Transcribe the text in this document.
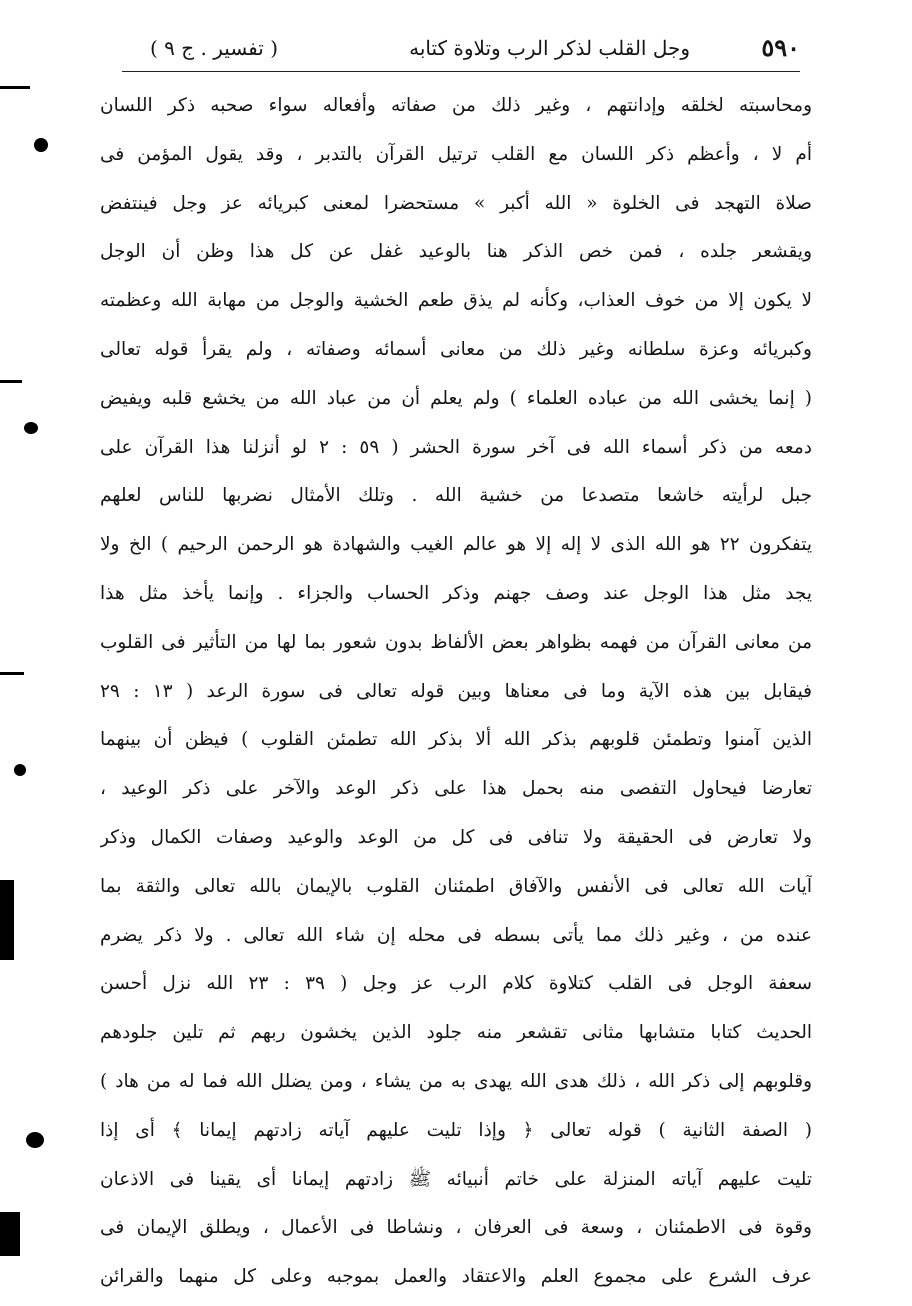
٥٩٠
وجل القلب لذكر الرب وتلاوة كتابه
( تفسير . ج ٩ )
ومحاسبته لخلقه وإدانتهم ، وغير ذلك من صفاته وأفعاله سواء صحبه ذكر اللسان
أم لا ، وأعظم ذكر اللسان مع القلب ترتيل القرآن بالتدبر ، وقد يقول المؤمن فى
صلاة التهجد فى الخلوة « الله أكبر » مستحضرا لمعنى كبريائه عز وجل فينتفض
ويقشعر جلده ، فمن خص الذكر هنا بالوعيد غفل عن كل هذا وظن أن الوجل
لا يكون إلا من خوف العذاب، وكأنه لم يذق طعم الخشية والوجل من مهابة الله وعظمته
وكبريائه وعزة سلطانه وغير ذلك من معانى أسمائه وصفاته ، ولم يقرأ قوله تعالى
( إنما يخشى الله من عباده العلماء ) ولم يعلم أن من عباد الله من يخشع قلبه ويفيض
دمعه من ذكر أسماء الله فى آخر سورة الحشر ( ٥٩ : ٢ لو أنزلنا هذا القرآن على
جبل لرأيته خاشعا متصدعا من خشية الله . وتلك الأمثال نضربها للناس لعلهم
يتفكرون ٢٢ هو الله الذى لا إله إلا هو عالم الغيب والشهادة هو الرحمن الرحيم ) الخ ولا
يجد مثل هذا الوجل عند وصف جهنم وذكر الحساب والجزاء . وإنما يأخذ مثل هذا
من معانى القرآن من فهمه بظواهر بعض الألفاظ بدون شعور بما لها من التأثير فى القلوب
فيقابل بين هذه الآية وما فى معناها وبين قوله تعالى فى سورة الرعد ( ١٣ : ٢٩
الذين آمنوا وتطمئن قلوبهم بذكر الله ألا بذكر الله تطمئن القلوب ) فيظن أن بينهما
تعارضا فيحاول التفصى منه بحمل هذا على ذكر الوعد والآخر على ذكر الوعيد ،
ولا تعارض فى الحقيقة ولا تنافى فى كل من الوعد والوعيد وصفات الكمال وذكر
آيات الله تعالى فى الأنفس والآفاق اطمئنان القلوب بالإيمان بالله تعالى والثقة بما
عنده من ، وغير ذلك مما يأتى بسطه فى محله إن شاء الله تعالى . ولا ذكر يضرم
سعفة الوجل فى القلب كتلاوة كلام الرب عز وجل ( ٣٩ : ٢٣ الله نزل أحسن
الحديث كتابا متشابها مثانى تقشعر منه جلود الذين يخشون ربهم ثم تلين جلودهم
وقلوبهم إلى ذكر الله ، ذلك هدى الله يهدى به من يشاء ، ومن يضلل الله فما له من هاد )
( الصفة الثانية ) قوله تعالى ﴿ وإذا تليت عليهم آياته زادتهم إيمانا ﴾ أى إذا
تليت عليهم آياته المنزلة على خاتم أنبيائه ﷺ زادتهم إيمانا أى يقينا فى الاذعان
وقوة فى الاطمئنان ، وسعة فى العرفان ، ونشاطا فى الأعمال ، ويطلق الإيمان فى
عرف الشرع على مجموع العلم والاعتقاد والعمل بموجبه وعلى كل منهما والقرائن
